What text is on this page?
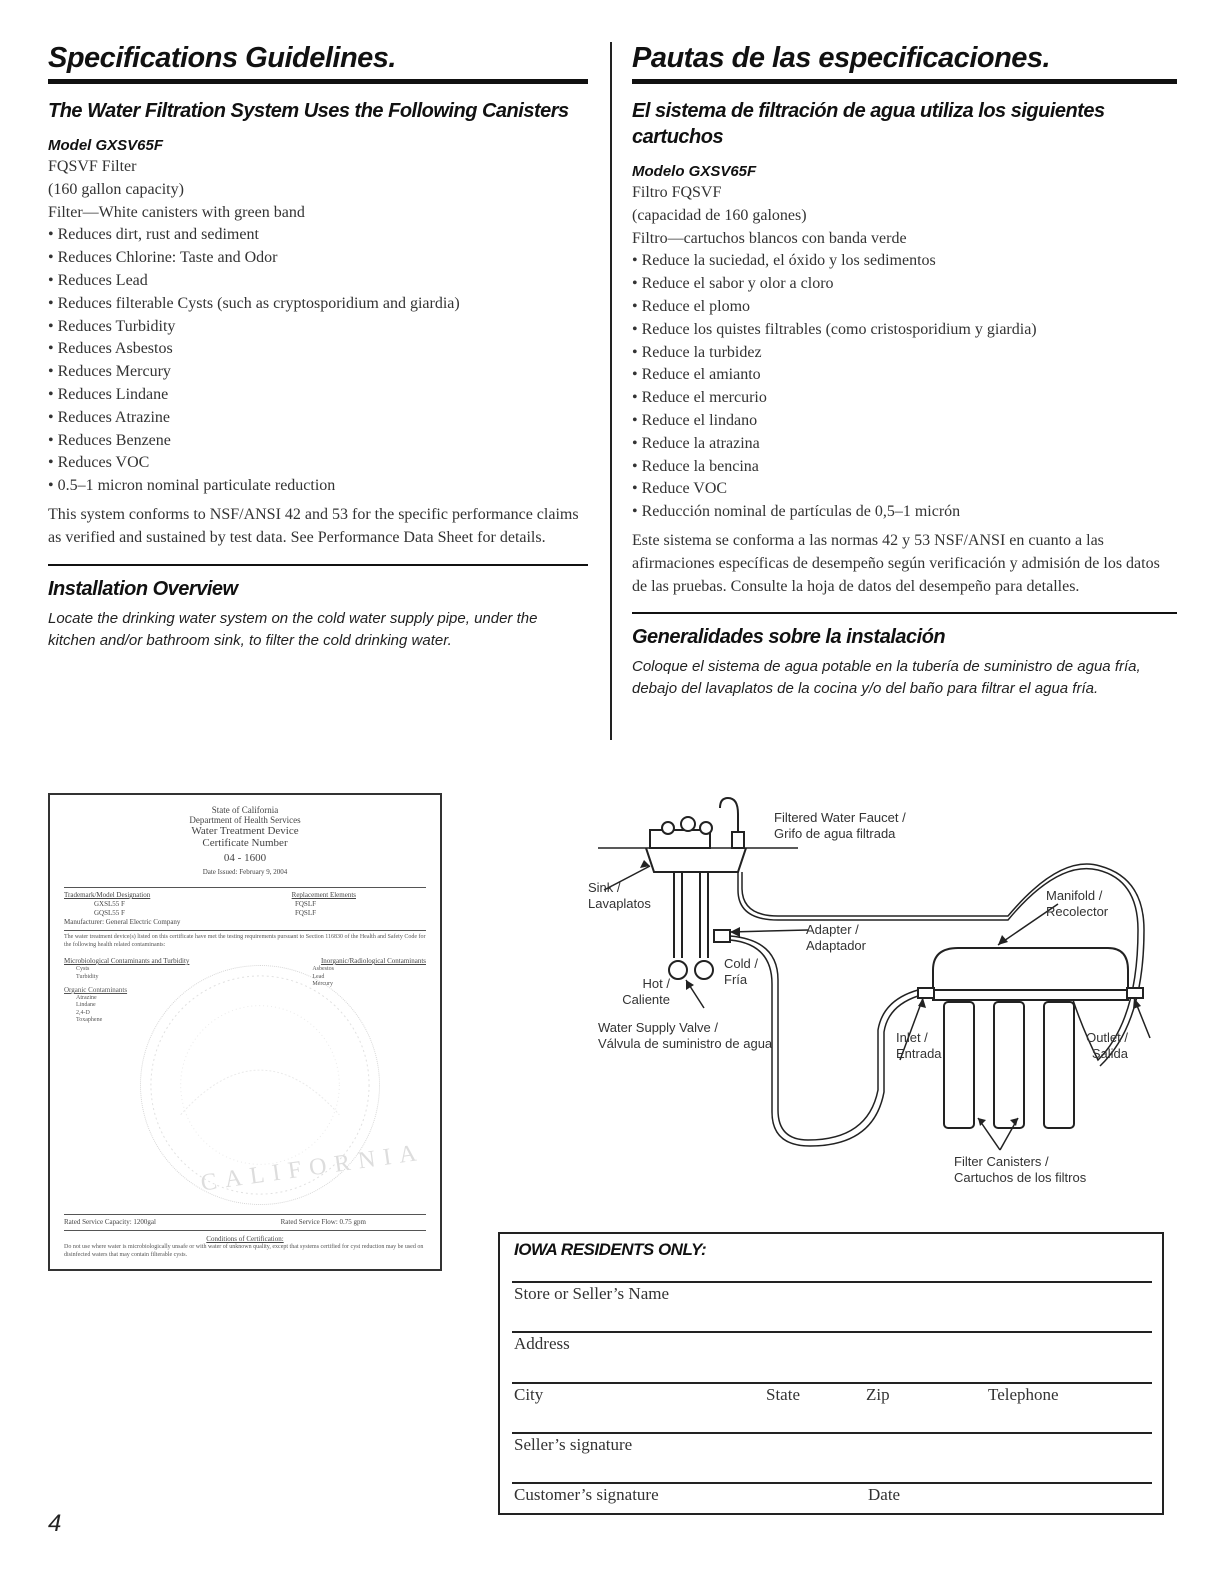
Specifications Guidelines.
The Water Filtration System Uses the Following Canisters
Model GXSV65F
FQSVF Filter
(160 gallon capacity)
Filter—White canisters with green band
• Reduces dirt, rust and sediment
• Reduces Chlorine: Taste and Odor
• Reduces Lead
• Reduces filterable Cysts (such as cryptosporidium and giardia)
• Reduces Turbidity
• Reduces Asbestos
• Reduces Mercury
• Reduces Lindane
• Reduces Atrazine
• Reduces Benzene
• Reduces VOC
• 0.5–1 micron nominal particulate reduction
This system conforms to NSF/ANSI 42 and 53 for the specific performance claims as verified and sustained by test data. See Performance Data Sheet for details.
Installation Overview
Locate the drinking water system on the cold water supply pipe, under the kitchen and/or bathroom sink, to filter the cold drinking water.
Pautas de las especificaciones.
El sistema de filtración de agua utiliza los siguientes cartuchos
Modelo GXSV65F
Filtro FQSVF
(capacidad de 160 galones)
Filtro—cartuchos blancos con banda verde
• Reduce la suciedad, el óxido y los sedimentos
• Reduce el sabor y olor a cloro
• Reduce el plomo
• Reduce los quistes filtrables (como cristosporidium y giardia)
• Reduce la turbidez
• Reduce el amianto
• Reduce el mercurio
• Reduce el lindano
• Reduce la atrazina
• Reduce la bencina
• Reduce VOC
• Reducción nominal de partículas de 0,5–1 micrón
Este sistema se conforma a las normas 42 y 53 NSF/ANSI en cuanto a las afirmaciones específicas de desempeño según verificación y admisión de los datos de las pruebas. Consulte la hoja de datos del desempeño para detalles.
Generalidades sobre la instalación
Coloque el sistema de agua potable en la tubería de suministro de agua fría, debajo del lavaplatos de la cocina y/o del baño para filtrar el agua fría.
State of California
Department of Health Services
Water Treatment Device
Certificate Number
04 - 1600
Date Issued: February 9, 2004
Trademark/Model Designation	Replacement Elements
GXSL55 F	FQSLF
GQSL55 F	FQSLF
Manufacturer: General Electric Company
The water treatment device(s) listed on this certificate have met the testing requirements pursuant to Section 116830 of the Health and Safety Code for the following health related contaminants:
Microbiological Contaminants and Turbidity	Inorganic/Radiological Contaminants
Cysts
Turbidity
Organic Contaminants
Atrazine
Lindane
2,4-D
Toxaphene
Asbestos
Lead
Mercury
Rated Service Capacity: 1200gal	Rated Service Flow: 0.75 gpm
Conditions of Certification:
Do not use where water is microbiologically unsafe or with water of unknown quality, except that systems certified for cyst reduction may be used on disinfected waters that may contain filterable cysts.
CALIFORNIA
Filtered Water Faucet /
Grifo de agua filtrada
Sink /
Lavaplatos
Adapter /
Adaptador
Manifold /
Recolector
Hot /
Caliente
Cold /
Fría
Water Supply Valve /
Válvula de suministro de agua	Inlet /
Entrada
Outlet /
Salida
Filter Canisters /
Cartuchos de los filtros
IOWA RESIDENTS ONLY:
Store or Seller’s Name
Address
City	State	Zip	Telephone
Seller’s signature
Customer’s signature	Date
4
